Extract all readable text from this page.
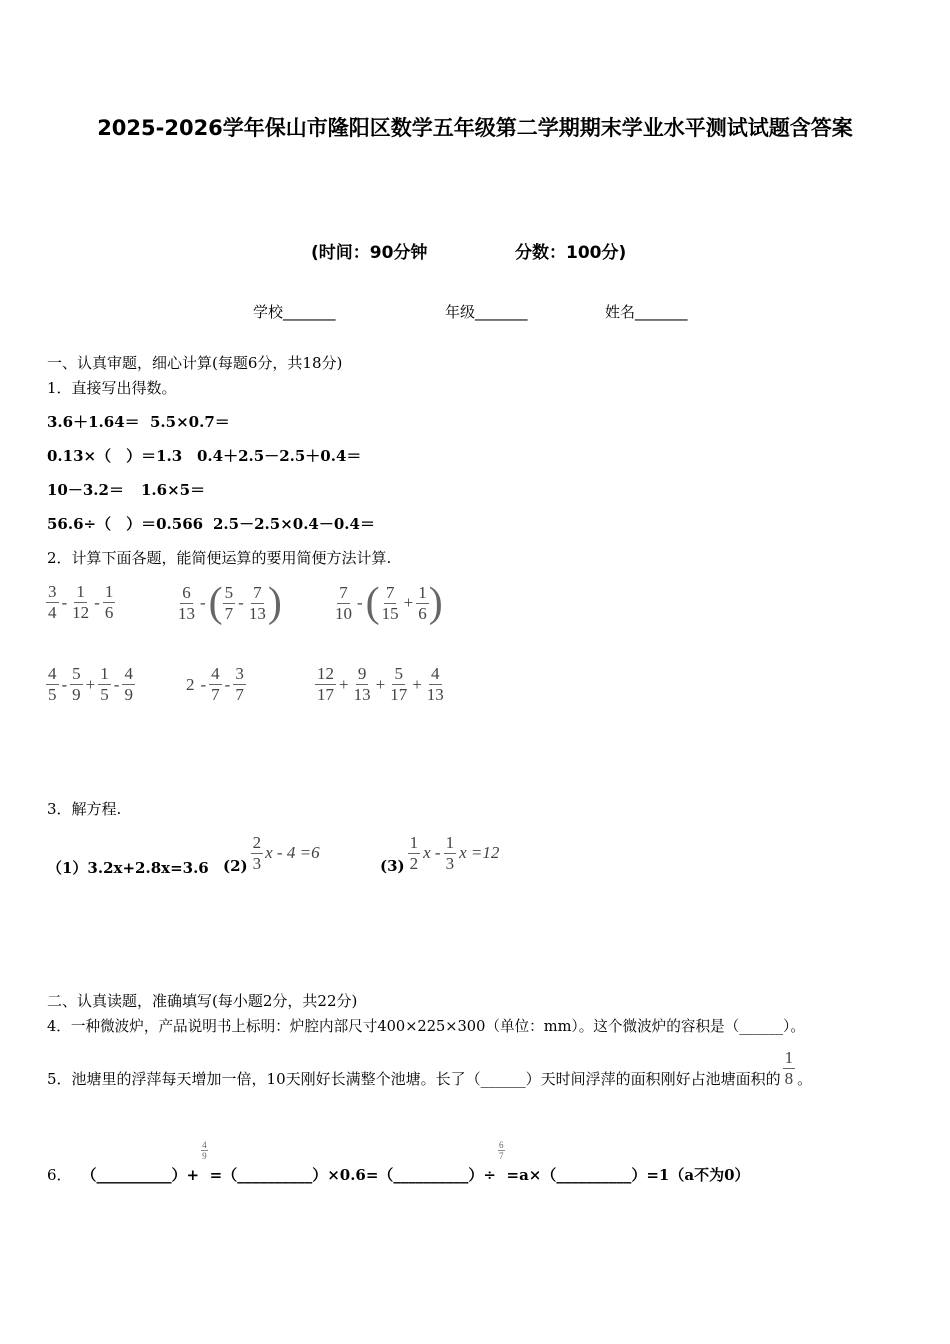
2025-2026学年保山市隆阳区数学五年级第二学期期末学业水平测试试题含答案
(时间：90分钟	分数：100分)
学校_______	年级_______	姓名_______
一、认真审题，细心计算(每题6分，共18分)
1．直接写出得数。
3.6＋1.64＝ 5.5×0.7＝
0.13×（　）＝1.3 0.4＋2.5－2.5＋0.4＝
10－3.2＝ 1.6×5＝
56.6÷（　）＝0.566 2.5－2.5×0.4－0.4＝
2．计算下面各题，能简便运算的要用简便方法计算.
3
4
-
1
12
-
1
6
6
13
- ( 5
7
-
7
13 )	7
10
- ( 7
15
+ $\frac{1}{6}$ )
4
5
-
5
9
+ $\frac{1}{5}$ -
4
9
2 -
4
7
-
3
7
12
17
+ $\frac{9}{13} + \frac{5}{17} + \frac{4}{13}$
3．解方程.
（1）3.2x+2.8x=3.6 (2)
2
3
x - 4 =6
(3)
1
2
x -
1
3
x =12
二、认真读题，准确填写(每小题2分，共22分)
4．一种微波炉，产品说明书上标明：炉腔内部尺寸400×225×300（单位：mm）。这个微波炉的容积是（______）。
5．池塘里的浮萍每天增加一倍，10天刚好长满整个池塘。长了（______）天时间浮萍的面积刚好占池塘面积的
1
8 。
6． （__________）+
$\frac{4}{9}$
=（__________）×0.6=（__________）÷
$\frac{6}{7}$
=a×（__________）=1（a不为0）
